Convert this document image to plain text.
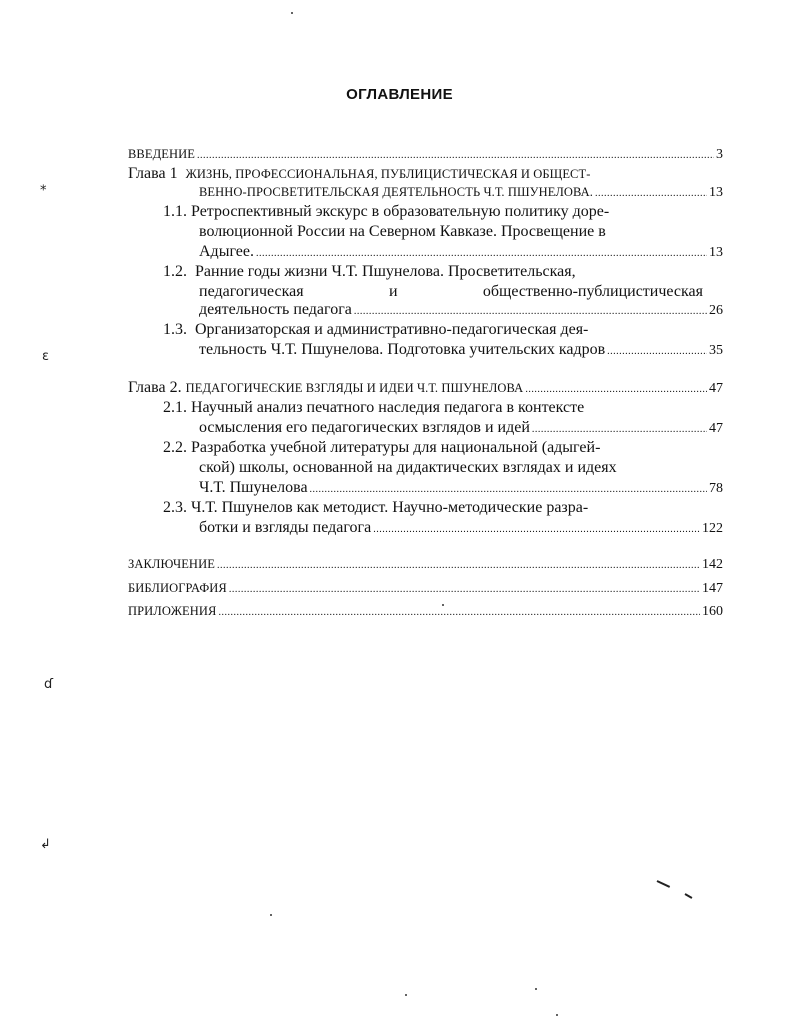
ОГЛАВЛЕНИЕ
ВВЕДЕНИЕ .....	3
Глава 1 ЖИЗНЬ, ПРОФЕССИОНАЛЬНАЯ, ПУБЛИЦИСТИЧЕСКАЯ И ОБЩЕСТ-
ВЕННО-ПРОСВЕТИТЕЛЬСКАЯ ДЕЯТЕЛЬНОСТЬ Ч.Т. ПШУНЕЛОВА. .....	13
1.1. Ретроспективный экскурс в образовательную политику доре-
волюционной России на Северном Кавказе. Просвещение в
Адыгее. .....	13
1.2. Ранние годы жизни Ч.Т. Пшунелова. Просветительская,
педагогическая и общественно-публицистическая
деятельность педагога .....	26
1.3. Организаторская и административно-педагогическая дея-
тельность Ч.Т. Пшунелова. Подготовка учительских кадров .....	35
Глава 2.
ПЕДАГОГИЧЕСКИЕ ВЗГЛЯДЫ И ИДЕИ Ч.Т. ПШУНЕЛОВА .....	47
2.1. Научный анализ печатного наследия педагога в контексте
осмысления его педагогических взглядов и идей .....	47
2.2. Разработка учебной литературы для национальной (адыгей-
ской) школы, основанной на дидактических взглядах и идеях
Ч.Т. Пшунелова .....	78
2.3. Ч.Т. Пшунелов как методист. Научно-методические разра-
ботки и взгляды педагога .....	122
ЗАКЛЮЧЕНИЕ .....	142
БИБЛИОГРАФИЯ .....	147
ПРИЛОЖЕНИЯ .....	160
⁎
ɛ
ɗ
↲
